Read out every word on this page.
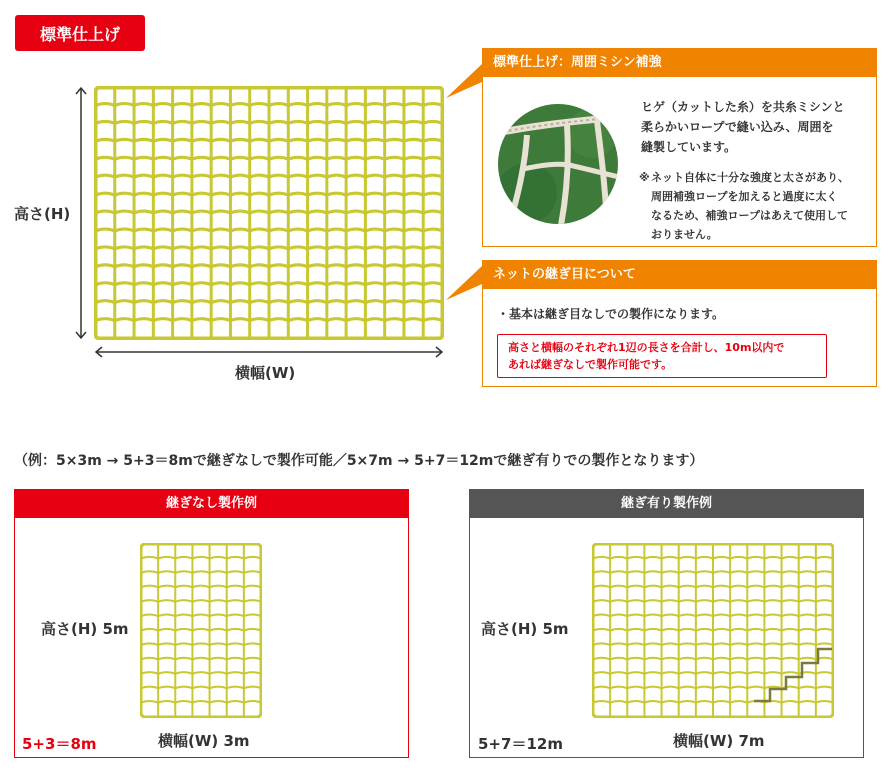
標準仕上げ
高さ(H)
横幅(W)
標準仕上げ：周囲ミシン補強
ヒゲ（カットした糸）を共糸ミシンと
柔らかいロープで縫い込み、周囲を
縫製しています。
※ ネット自体に十分な強度と太さがあり、
周囲補強ロープを加えると過度に太く
なるため、補強ロープはあえて使用して
おりません。
ネットの継ぎ目について
・基本は継ぎ目なしでの製作になります。
高さと横幅のそれぞれ1辺の長さを合計し、10m以内で
あれば継ぎなしで製作可能です。
（例：5×3m → 5+3＝8mで継ぎなしで製作可能／5×7m → 5+7＝12mで継ぎ有りでの製作となります）
継ぎなし製作例
高さ(H) 5m
横幅(W) 3m
5+3＝8m
継ぎ有り製作例
高さ(H) 5m
横幅(W) 7m
5+7＝12m
